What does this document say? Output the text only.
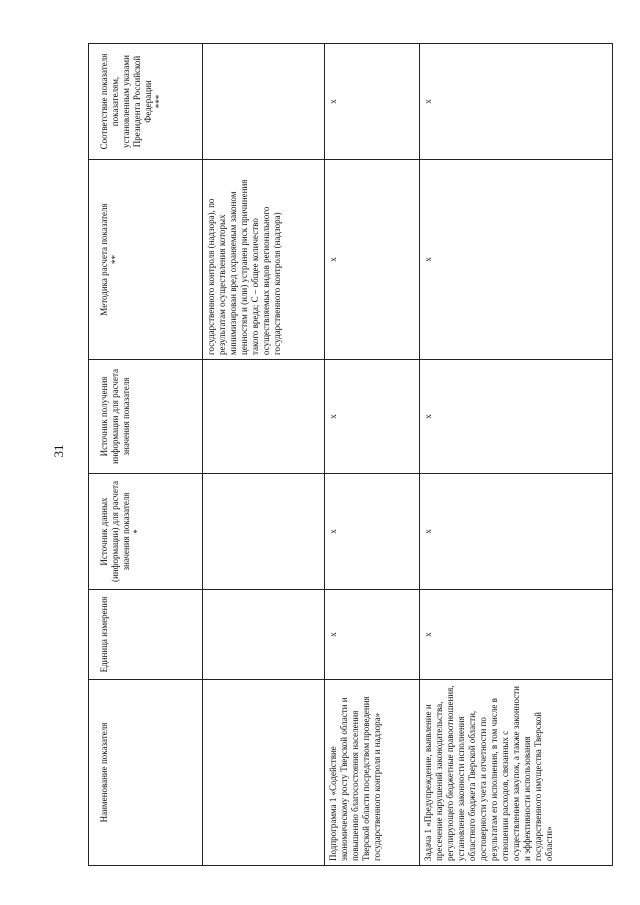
31
Наименование показателя	Единица измерения	Источник данных (информации) для расчета значения показателя *	Источник получения информации для расчета значения показателя	Методика расчета показателя **	Соответствие показателя показателям, установленным указами Президента Российской Федерации ***

				государственного контроля (надзора), по результатам осуществления которых минимизирован вред охраняемым законом ценностям и (или) устранен риск причинения такого вреда; C – общее количество осуществляемых видов регионального государственного контроля (надзора)	
Подпрограмма 1 «Содействие экономическому росту Тверской области и повышению благосостояния населения Тверской области посредством проведения государственного контроля и надзора»	x	x	x	x	x
Задача 1 «Предупреждение, выявление и пресечение нарушений законодательства, регулирующего бюджетные правоотношения, установление законности исполнения областного бюджета Тверской области, достоверности учета и отчетности по результатам его исполнения, в том числе в отношении расходов, связанных с осуществлением закупок, а также законности и эффективности использования государственного имущества Тверской области»	x	x	x	x	x
